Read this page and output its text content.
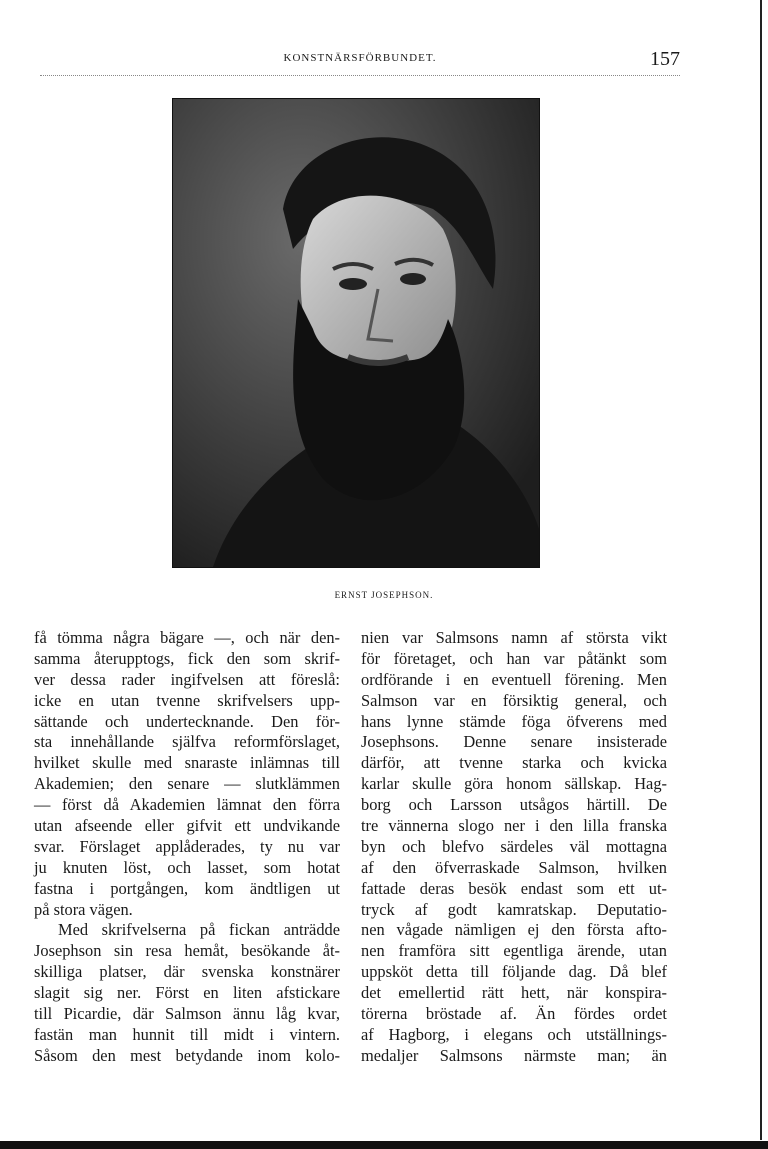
KONSTNÄRSFÖRBUNDET.	157
ERNST JOSEPHSON.
få tömma några bägare —, och när den-
samma återupptogs, fick den som skrif-
ver dessa rader ingifvelsen att föreslå:
icke en utan tvenne skrifvelsers upp-
sättande och undertecknande. Den för-
sta innehållande själfva reformförslaget,
hvilket skulle med snaraste inlämnas till
Akademien; den senare — slutklämmen
— först då Akademien lämnat den förra
utan afseende eller gifvit ett undvikande
svar. Förslaget applåderades, ty nu var
ju knuten löst, och lasset, som hotat
fastna i portgången, kom ändtligen ut
på stora vägen.
Med skrifvelserna på fickan anträdde
Josephson sin resa hemåt, besökande åt-
skilliga platser, där svenska konstnärer
slagit sig ner. Först en liten afstickare
till Picardie, där Salmson ännu låg kvar,
fastän man hunnit till midt i vintern.
Såsom den mest betydande inom kolo-
nien var Salmsons namn af största vikt
för företaget, och han var påtänkt som
ordförande i en eventuell förening. Men
Salmson var en försiktig general, och
hans lynne stämde föga öfverens med
Josephsons. Denne senare insisterade
därför, att tvenne starka och kvicka
karlar skulle göra honom sällskap. Hag-
borg och Larsson utsågos härtill. De
tre vännerna slogo ner i den lilla franska
byn och blefvo särdeles väl mottagna
af den öfverraskade Salmson, hvilken
fattade deras besök endast som ett ut-
tryck af godt kamratskap. Deputatio-
nen vågade nämligen ej den första afto-
nen framföra sitt egentliga ärende, utan
uppsköt detta till följande dag. Då blef
det emellertid rätt hett, när konspira-
törerna bröstade af. Än fördes ordet
af Hagborg, i elegans och utställnings-
medaljer Salmsons närmste man; än
